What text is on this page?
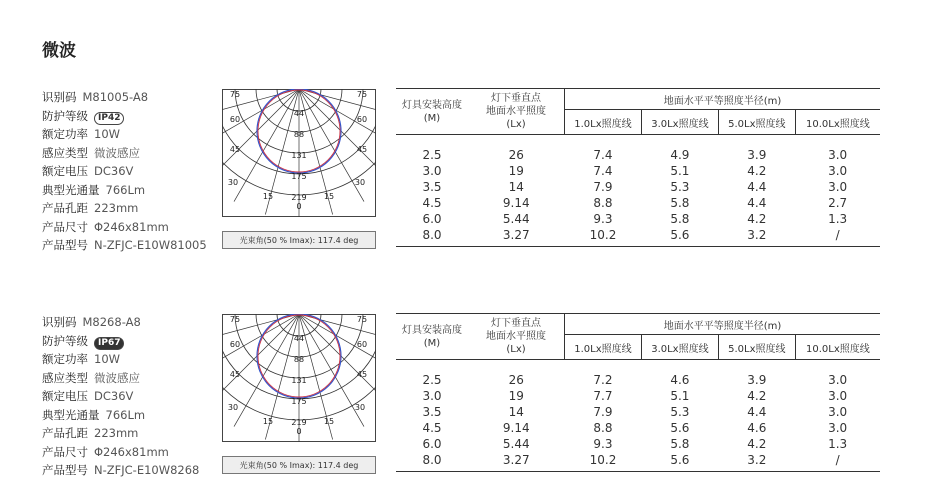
微波
识别码 M81005-A8
防护等级 IP42
额定功率 10W
感应类型 微波感应
额定电压 DC36V
典型光通量 766Lm
产品孔距 223mm
产品尺寸 Φ246x81mm
产品型号 N-ZFJC-E10W81005
44
88
131
175
219
75
60
45
30
15
0
15
30
45
60
75
光束角(50 % Imax): 117.4 deg
灯具安装高度
(M)	灯下垂直点
地面水平照度
(Lx)	地面水平平等照度半径(m)			
		1.0Lx照度线	3.0Lx照度线	5.0Lx照度线	10.0Lx照度线

2.5	26	7.4	4.9	3.9	3.0
3.0	19	7.4	5.1	4.2	3.0
3.5	14	7.9	5.3	4.4	3.0
4.5	9.14	8.8	5.8	4.4	2.7
6.0	5.44	9.3	5.8	4.2	1.3
8.0	3.27	10.2	5.6	3.2	/

识别码 M8268-A8
防护等级 IP67
额定功率 10W
感应类型 微波感应
额定电压 DC36V
典型光通量 766Lm
产品孔距 223mm
产品尺寸 Φ246x81mm
产品型号 N-ZFJC-E10W8268
44
88
131
175
219
75
60
45
30
15
0
15
30
45
60
75
光束角(50 % Imax): 117.4 deg
灯具安装高度
(M)	灯下垂直点
地面水平照度
(Lx)	地面水平平等照度半径(m)			
		1.0Lx照度线	3.0Lx照度线	5.0Lx照度线	10.0Lx照度线

2.5	26	7.2	4.6	3.9	3.0
3.0	19	7.7	5.1	4.2	3.0
3.5	14	7.9	5.3	4.4	3.0
4.5	9.14	8.8	5.6	4.6	3.0
6.0	5.44	9.3	5.8	4.2	1.3
8.0	3.27	10.2	5.6	3.2	/
